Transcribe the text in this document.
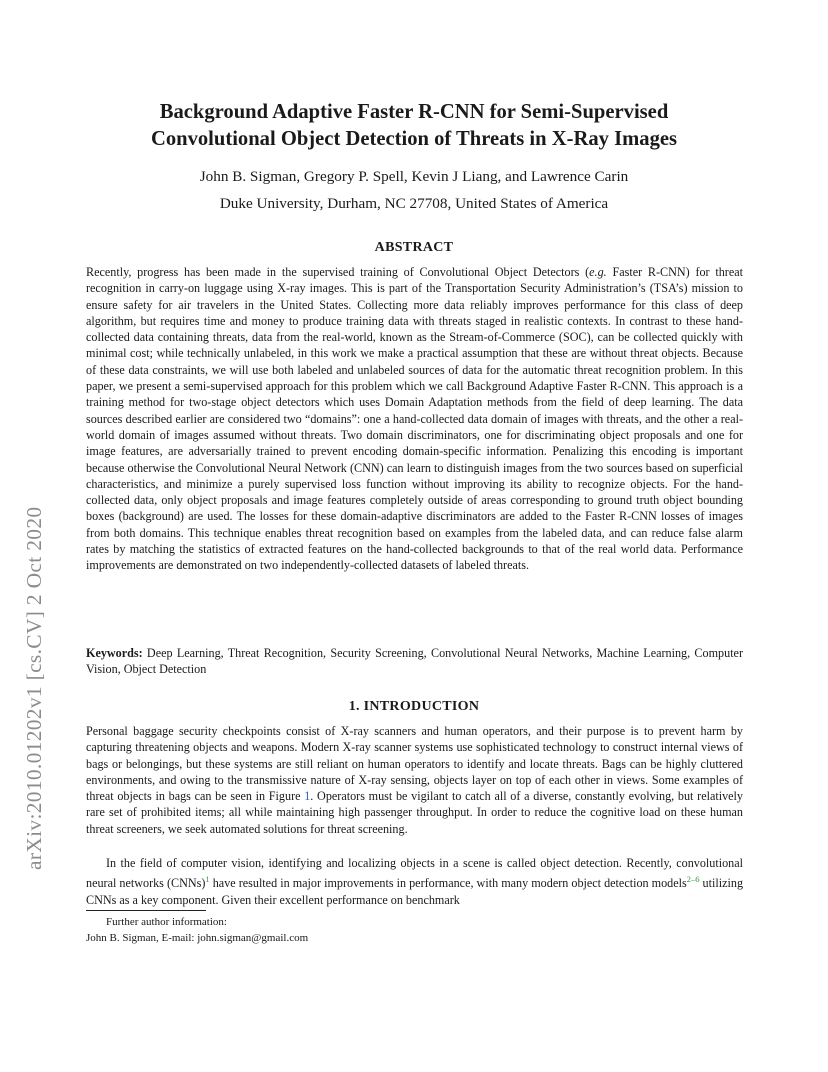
arXiv:2010.01202v1 [cs.CV] 2 Oct 2020
Background Adaptive Faster R-CNN for Semi-Supervised
Convolutional Object Detection of Threats in X-Ray Images
John B. Sigman, Gregory P. Spell, Kevin J Liang, and Lawrence Carin
Duke University, Durham, NC 27708, United States of America
ABSTRACT

Recently, progress has been made in the supervised training of Convolutional Object Detectors (e.g. Faster R-CNN) for threat recognition in carry-on luggage using X-ray images. This is part of the Transportation Security Administration’s (TSA’s) mission to ensure safety for air travelers in the United States. Collecting more data reliably improves performance for this class of deep algorithm, but requires time and money to produce training data with threats staged in realistic contexts. In contrast to these hand-collected data containing threats, data from the real-world, known as the Stream-of-Commerce (SOC), can be collected quickly with minimal cost; while technically unlabeled, in this work we make a practical assumption that these are without threat objects. Because of these data constraints, we will use both labeled and unlabeled sources of data for the automatic threat recognition problem. In this paper, we present a semi-supervised approach for this problem which we call Background Adaptive Faster R-CNN. This approach is a training method for two-stage object detectors which uses Domain Adaptation methods from the field of deep learning. The data sources described earlier are considered two “domains”: one a hand-collected data domain of images with threats, and the other a real-world domain of images assumed without threats. Two domain discriminators, one for discriminating object proposals and one for image features, are adversarially trained to prevent encoding domain-specific information. Penalizing this encoding is important because otherwise the Convolutional Neural Network (CNN) can learn to distinguish images from the two sources based on superficial characteristics, and minimize a purely supervised loss function without improving its ability to recognize objects. For the hand-collected data, only object proposals and image features completely outside of areas corresponding to ground truth object bounding boxes (background) are used. The losses for these domain-adaptive discriminators are added to the Faster R-CNN losses of images from both domains. This technique enables threat recognition based on examples from the labeled data, and can reduce false alarm rates by matching the statistics of extracted features on the hand-collected backgrounds to that of the real world data. Performance improvements are demonstrated on two independently-collected datasets of labeled threats.

Keywords: Deep Learning, Threat Recognition, Security Screening, Convolutional Neural Networks, Machine Learning, Computer Vision, Object Detection

1. INTRODUCTION

Personal baggage security checkpoints consist of X-ray scanners and human operators, and their purpose is to prevent harm by capturing threatening objects and weapons. Modern X-ray scanner systems use sophisticated technology to construct internal views of bags or belongings, but these systems are still reliant on human operators to identify and locate threats. Bags can be highly cluttered environments, and owing to the transmissive nature of X-ray sensing, objects layer on top of each other in views. Some examples of threat objects in bags can be seen in Figure 1. Operators must be vigilant to catch all of a diverse, constantly evolving, but relatively rare set of prohibited items; all while maintaining high passenger throughput. In order to reduce the cognitive load on these human threat screeners, we seek automated solutions for threat screening.

In the field of computer vision, identifying and localizing objects in a scene is called object detection. Recently, convolutional neural networks (CNNs)$^1$ have resulted in major improvements in performance, with many modern object detection models$^{2-6}$ utilizing CNNs as a key component. Given their excellent performance on benchmark

Further author information:
John B. Sigman, E-mail: john.sigman@gmail.com
